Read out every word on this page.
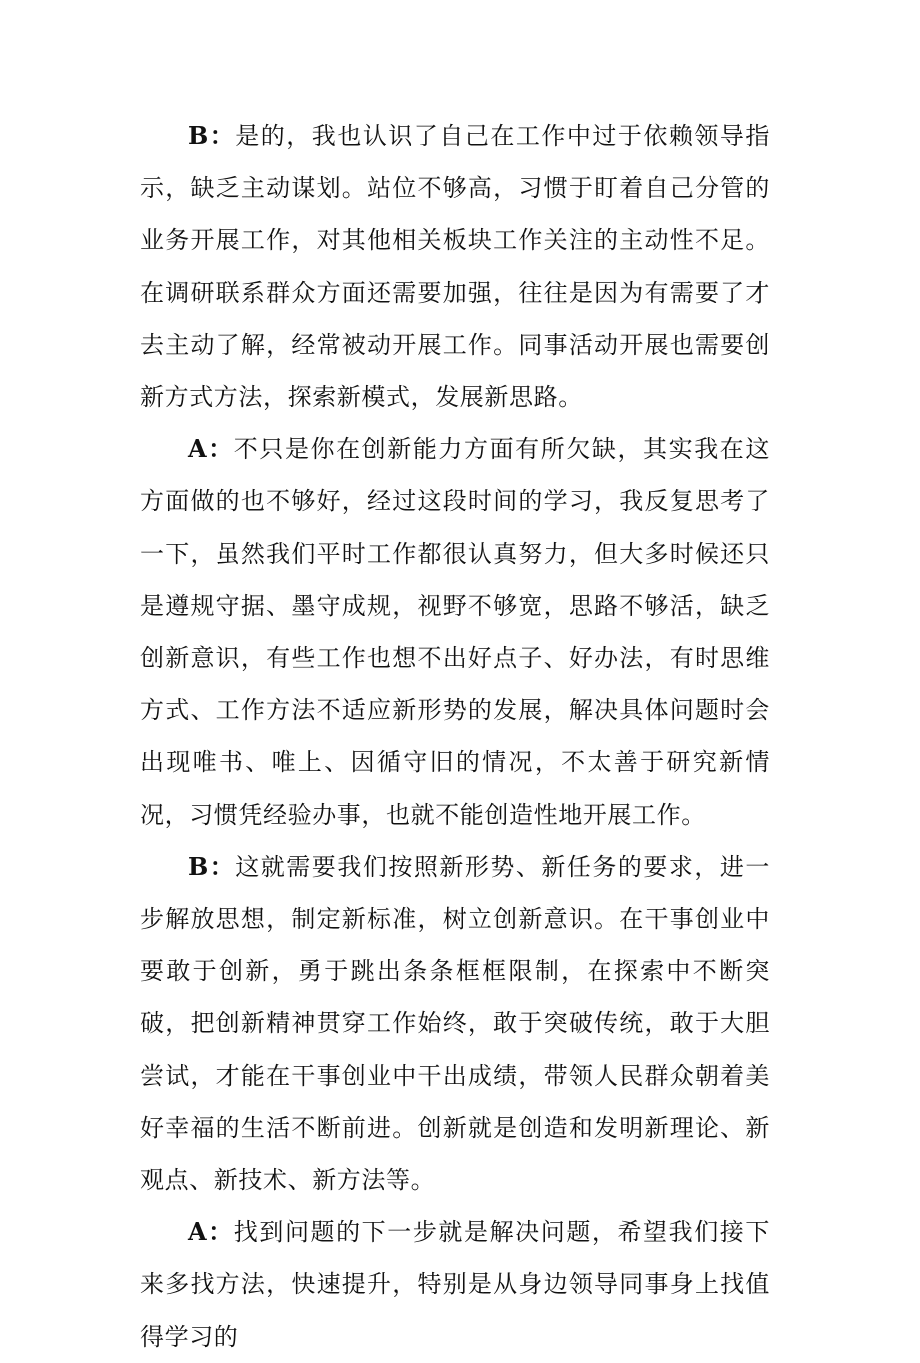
B：是的，我也认识了自己在工作中过于依赖领导指示，缺乏主动谋划。站位不够高，习惯于盯着自己分管的业务开展工作，对其他相关板块工作关注的主动性不足。在调研联系群众方面还需要加强，往往是因为有需要了才去主动了解，经常被动开展工作。同事活动开展也需要创新方式方法，探索新模式，发展新思路。

A：不只是你在创新能力方面有所欠缺，其实我在这方面做的也不够好，经过这段时间的学习，我反复思考了一下，虽然我们平时工作都很认真努力，但大多时候还只是遵规守据、墨守成规，视野不够宽，思路不够活，缺乏创新意识，有些工作也想不出好点子、好办法，有时思维方式、工作方法不适应新形势的发展，解决具体问题时会出现唯书、唯上、因循守旧的情况，不太善于研究新情况，习惯凭经验办事，也就不能创造性地开展工作。

B：这就需要我们按照新形势、新任务的要求，进一步解放思想，制定新标准，树立创新意识。在干事创业中要敢于创新，勇于跳出条条框框限制，在探索中不断突破，把创新精神贯穿工作始终，敢于突破传统，敢于大胆尝试，才能在干事创业中干出成绩，带领人民群众朝着美好幸福的生活不断前进。创新就是创造和发明新理论、新观点、新技术、新方法等。

A：找到问题的下一步就是解决问题，希望我们接下来多找方法，快速提升，特别是从身边领导同事身上找值得学习的
